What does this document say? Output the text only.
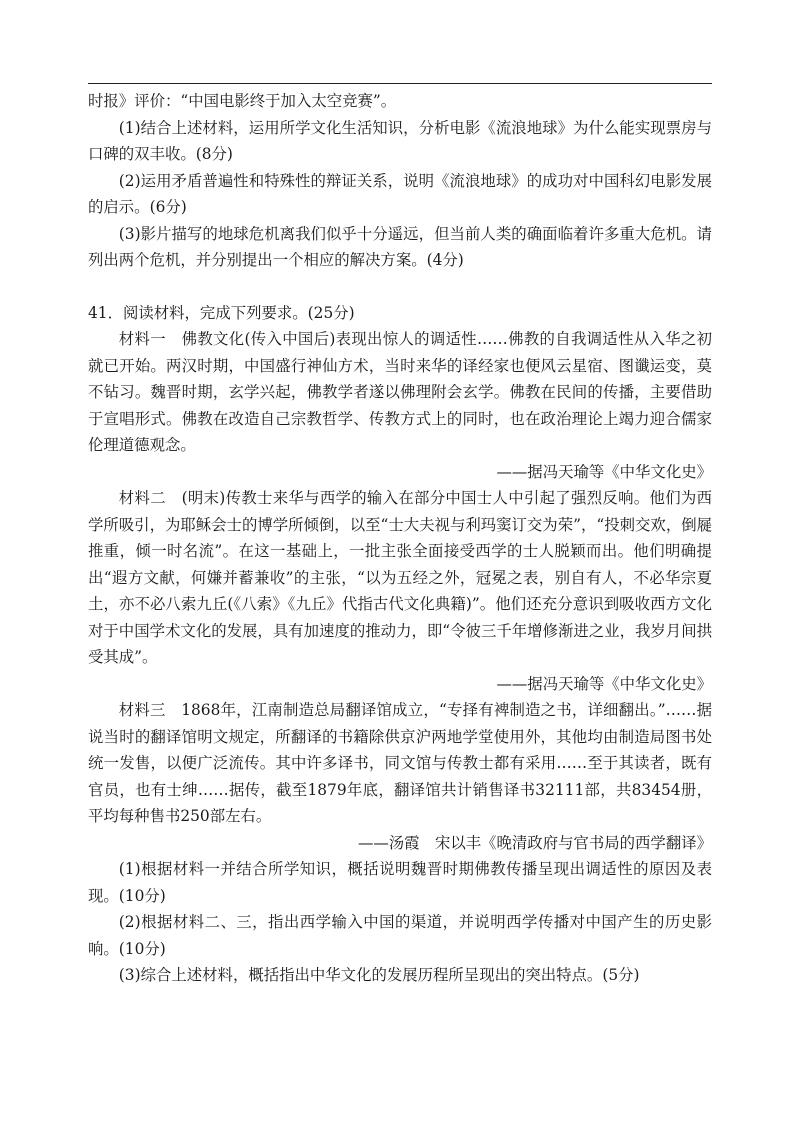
时报》评价：“中国电影终于加入太空竞赛”。

(1)结合上述材料，运用所学文化生活知识，分析电影《流浪地球》为什么能实现票房与口碑的双丰收。(8分)

(2)运用矛盾普遍性和特殊性的辩证关系，说明《流浪地球》的成功对中国科幻电影发展的启示。(6分)

(3)影片描写的地球危机离我们似乎十分遥远，但当前人类的确面临着许多重大危机。请列出两个危机，并分别提出一个相应的解决方案。(4分)

41．阅读材料，完成下列要求。(25分)

材料一　佛教文化(传入中国后)表现出惊人的调适性……佛教的自我调适性从入华之初就已开始。两汉时期，中国盛行神仙方术，当时来华的译经家也便风云星宿、图谶运变，莫不钻习。魏晋时期，玄学兴起，佛教学者遂以佛理附会玄学。佛教在民间的传播，主要借助于宣唱形式。佛教在改造自己宗教哲学、传教方式上的同时，也在政治理论上竭力迎合儒家伦理道德观念。

——据冯天瑜等《中华文化史》

材料二　(明末)传教士来华与西学的输入在部分中国士人中引起了强烈反响。他们为西学所吸引，为耶稣会士的博学所倾倒，以至“士大夫视与利玛窦订交为荣”，“投刺交欢，倒屣推重，倾一时名流”。在这一基础上，一批主张全面接受西学的士人脱颖而出。他们明确提出“遐方文献，何嫌并蓄兼收”的主张，“以为五经之外，冠冕之表，别自有人，不必华宗夏土，亦不必八索九丘(《八索》《九丘》代指古代文化典籍)”。他们还充分意识到吸收西方文化对于中国学术文化的发展，具有加速度的推动力，即“令彼三千年增修渐进之业，我岁月间拱受其成”。

——据冯天瑜等《中华文化史》

材料三　1868年，江南制造总局翻译馆成立，“专择有裨制造之书，详细翻出。”……据说当时的翻译馆明文规定，所翻译的书籍除供京沪两地学堂使用外，其他均由制造局图书处统一发售，以便广泛流传。其中许多译书，同文馆与传教士都有采用……至于其读者，既有官员，也有士绅……据传，截至1879年底，翻译馆共计销售译书32111部，共83454册，平均每种售书250部左右。

——汤霞　宋以丰《晚清政府与官书局的西学翻译》

(1)根据材料一并结合所学知识，概括说明魏晋时期佛教传播呈现出调适性的原因及表现。(10分)

(2)根据材料二、三，指出西学输入中国的渠道，并说明西学传播对中国产生的历史影响。(10分)

(3)综合上述材料，概括指出中华文化的发展历程所呈现出的突出特点。(5分)
